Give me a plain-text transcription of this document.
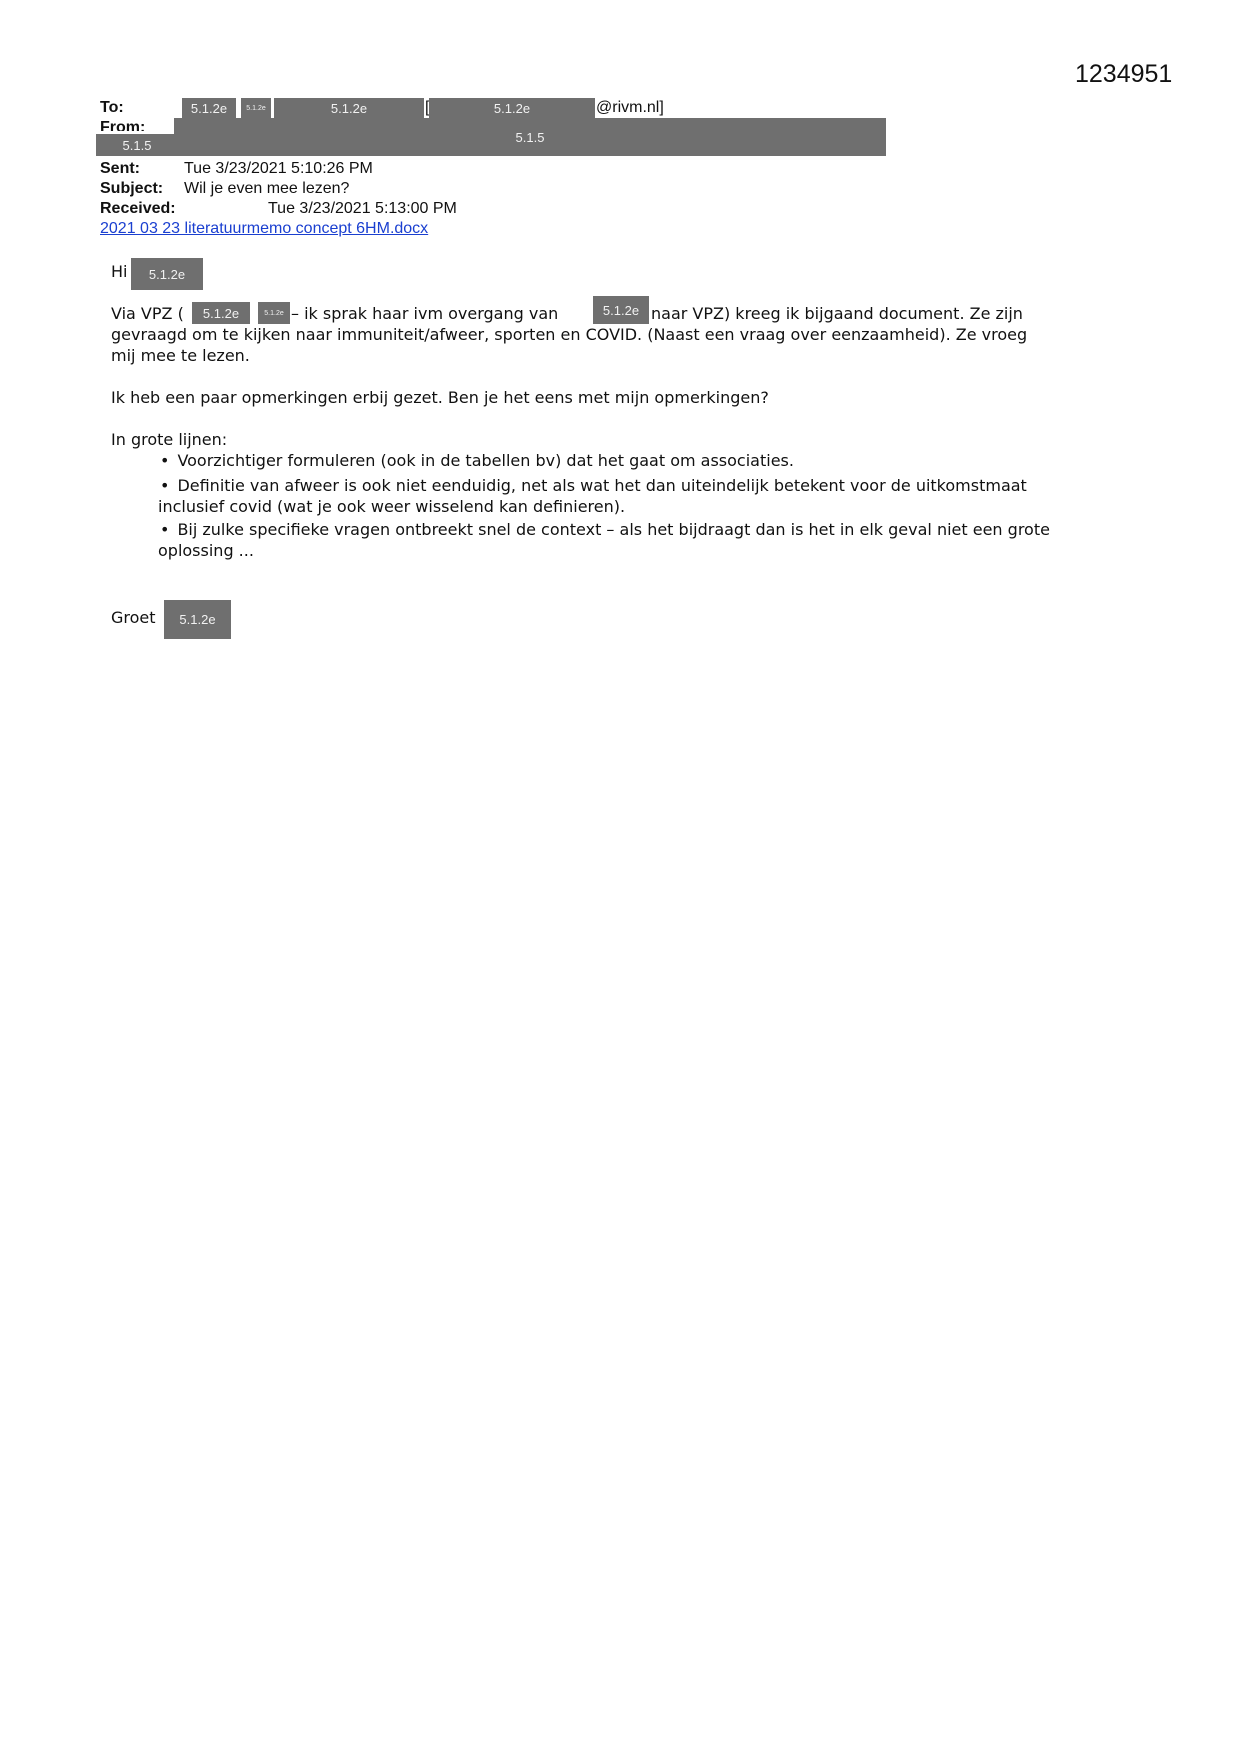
1234951
To:	5.1.2e	5.1.2e	5.1.2e	[	5.1.2e	@rivm.nl]
From:
5.1.5
5.1.5
Sent:	Tue 3/23/2021 5:10:26 PM
Subject: Wil je even mee lezen?
Received:	Tue 3/23/2021 5:13:00 PM
2021 03 23 literatuurmemo concept 6HM.docx
Hi	5.1.2e
Via VPZ (	5.1.2e	5.1.2e – ik sprak haar ivm overgang van	5.1.2e naar VPZ) kreeg ik bijgaand document. Ze zijn
gevraagd om te kijken naar immuniteit/afweer, sporten en COVID. (Naast een vraag over eenzaamheid). Ze vroeg
mij mee te lezen.
Ik heb een paar opmerkingen erbij gezet. Ben je het eens met mijn opmerkingen?
In grote lijnen:
• Voorzichtiger formuleren (ook in de tabellen bv) dat het gaat om associaties.
• Definitie van afweer is ook niet eenduidig, net als wat het dan uiteindelijk betekent voor de uitkomstmaat
inclusief covid (wat je ook weer wisselend kan definieren).
• Bij zulke specifieke vragen ontbreekt snel de context – als het bijdraagt dan is het in elk geval niet een grote
oplossing ...
Groet	5.1.2e
